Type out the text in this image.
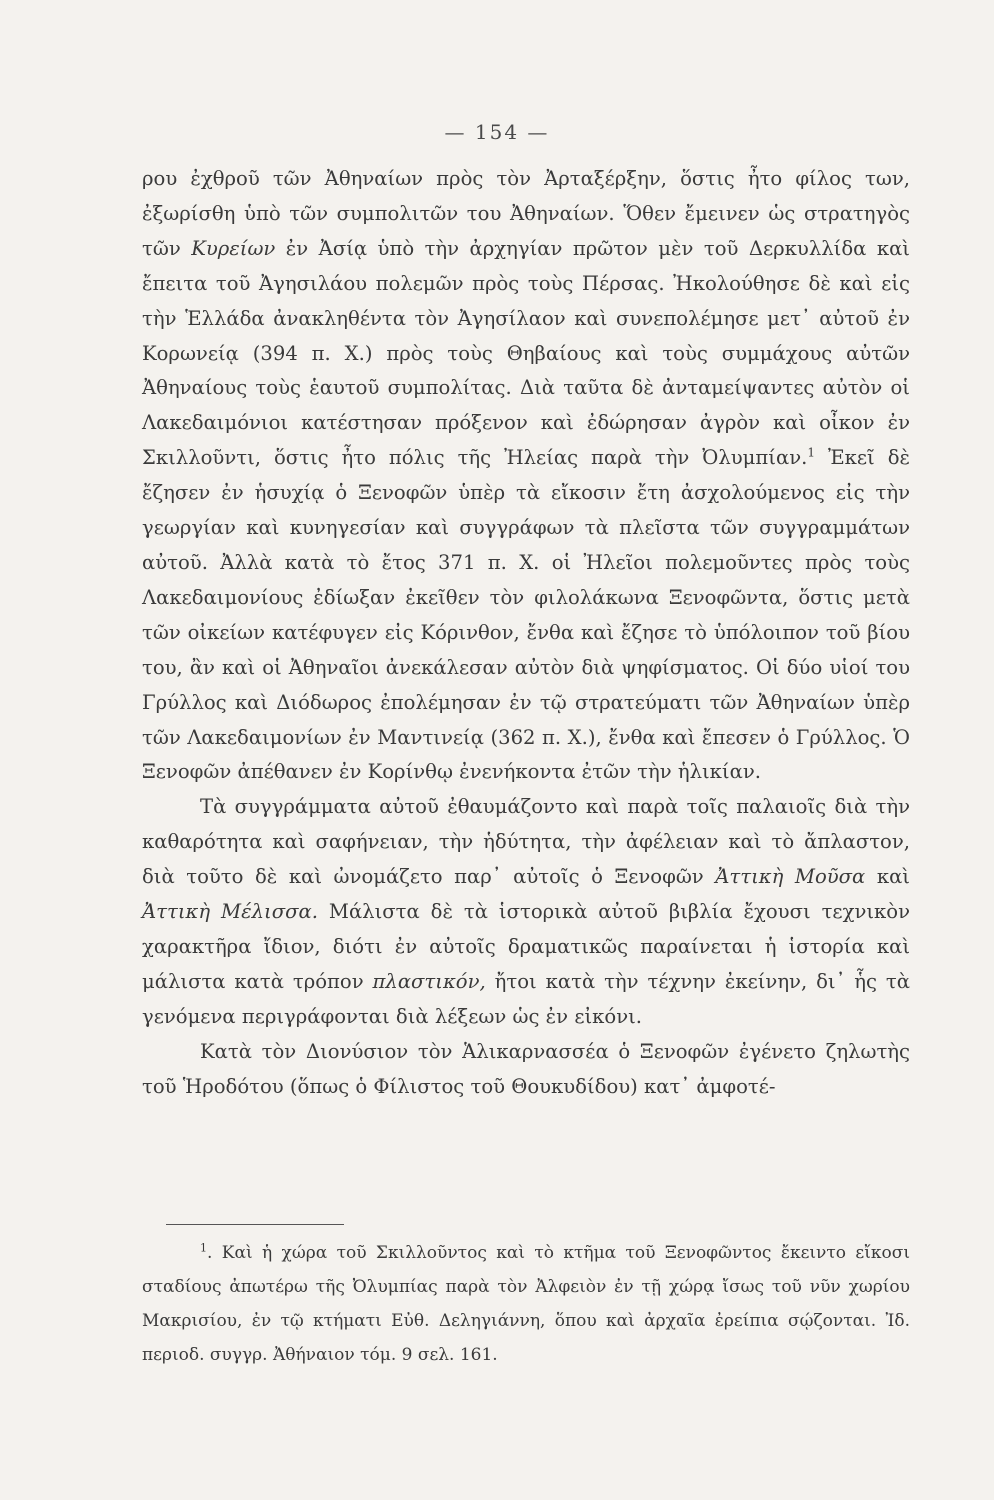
— 154 —

ρου ἐχθροῦ τῶν Ἀθηναίων πρὸς τὸν Ἀρταξέρξην, ὅστις ἦτο φίλος των, ἐξωρίσθη ὑπὸ τῶν συμπολιτῶν του Ἀθηναίων. Ὅθεν ἔμεινεν ὡς στρατηγὸς τῶν Κυρείων ἐν Ἀσίᾳ ὑπὸ τὴν ἀρχηγίαν πρῶτον μὲν τοῦ Δερκυλλίδα καὶ ἔπειτα τοῦ Ἀγησιλάου πολεμῶν πρὸς τοὺς Πέρσας. Ἠκολούθησε δὲ καὶ εἰς τὴν Ἑλλάδα ἀνακληθέντα τὸν Ἀγησίλαον καὶ συνεπολέμησε μετ᾿ αὐτοῦ ἐν Κορωνείᾳ (394 π. Χ.) πρὸς τοὺς Θηβαίους καὶ τοὺς συμμάχους αὐτῶν Ἀθηναίους τοὺς ἑαυτοῦ συμπολίτας. Διὰ ταῦτα δὲ ἀνταμείψαντες αὐτὸν οἱ Λακεδαιμόνιοι κατέστησαν πρόξενον καὶ ἐδώρησαν ἀγρὸν καὶ οἶκον ἐν Σκιλλοῦντι, ὅστις ἦτο πόλις τῆς Ἠλείας παρὰ τὴν Ὀλυμπίαν.$^1$ Ἐκεῖ δὲ ἔζησεν ἐν ἡσυχίᾳ ὁ Ξενοφῶν ὑπὲρ τὰ εἴκοσιν ἔτη ἀσχολούμενος εἰς τὴν γεωργίαν καὶ κυνηγεσίαν καὶ συγγράφων τὰ πλεῖστα τῶν συγγραμμάτων αὐτοῦ. Ἀλλὰ κατὰ τὸ ἔτος 371 π. Χ. οἱ Ἠλεῖοι πολεμοῦντες πρὸς τοὺς Λακεδαιμονίους ἐδίωξαν ἐκεῖθεν τὸν φιλολάκωνα Ξενοφῶντα, ὅστις μετὰ τῶν οἰκείων κατέφυγεν εἰς Κόρινθον, ἔνθα καὶ ἔζησε τὸ ὑπόλοιπον τοῦ βίου του, ἂν καὶ οἱ Ἀθηναῖοι ἀνεκάλεσαν αὐτὸν διὰ ψηφίσματος. Οἱ δύο υἱοί του Γρύλλος καὶ Διόδωρος ἐπολέμησαν ἐν τῷ στρατεύματι τῶν Ἀθηναίων ὑπὲρ τῶν Λακεδαιμονίων ἐν Μαντινείᾳ (362 π. Χ.), ἔνθα καὶ ἔπεσεν ὁ Γρύλλος. Ὁ Ξενοφῶν ἀπέθανεν ἐν Κορίνθῳ ἐνενήκοντα ἐτῶν τὴν ἡλικίαν.

Τὰ συγγράμματα αὐτοῦ ἐθαυμάζοντο καὶ παρὰ τοῖς παλαιοῖς διὰ τὴν καθαρότητα καὶ σαφήνειαν, τὴν ἡδύτητα, τὴν ἀφέλειαν καὶ τὸ ἄπλαστον, διὰ τοῦτο δὲ καὶ ὠνομάζετο παρ᾿ αὐτοῖς ὁ Ξενοφῶν Ἀττικὴ Μοῦσα καὶ Ἀττικὴ Μέλισσα. Μάλιστα δὲ τὰ ἱστορικὰ αὐτοῦ βιβλία ἔχουσι τεχνικὸν χαρακτῆρα ἴδιον, διότι ἐν αὐτοῖς δραματικῶς παραίνεται ἡ ἱστορία καὶ μάλιστα κατὰ τρόπον πλαστικόν, ἤτοι κατὰ τὴν τέχνην ἐκείνην, δι᾿ ἧς τὰ γενόμενα περιγράφονται διὰ λέξεων ὡς ἐν εἰκόνι.

Κατὰ τὸν Διονύσιον τὸν Ἁλικαρνασσέα ὁ Ξενοφῶν ἐγένετο ζηλωτὴς τοῦ Ἡροδότου (ὅπως ὁ Φίλιστος τοῦ Θουκυδίδου) κατ᾿ ἀμφοτέ-

$^1$. Καὶ ἡ χώρα τοῦ Σκιλλοῦντος καὶ τὸ κτῆμα τοῦ Ξενοφῶντος ἔκειντο εἴκοσι σταδίους ἀπωτέρω τῆς Ὀλυμπίας παρὰ τὸν Ἀλφειὸν ἐν τῇ χώρᾳ ἴσως τοῦ νῦν χωρίου Μακρισίου, ἐν τῷ κτήματι Εὐθ. Δεληγιάννη, ὅπου καὶ ἀρχαῖα ἐρείπια σῴζονται. Ἰδ. περιοδ. συγγρ. Ἀθήναιον τόμ. 9 σελ. 161.
